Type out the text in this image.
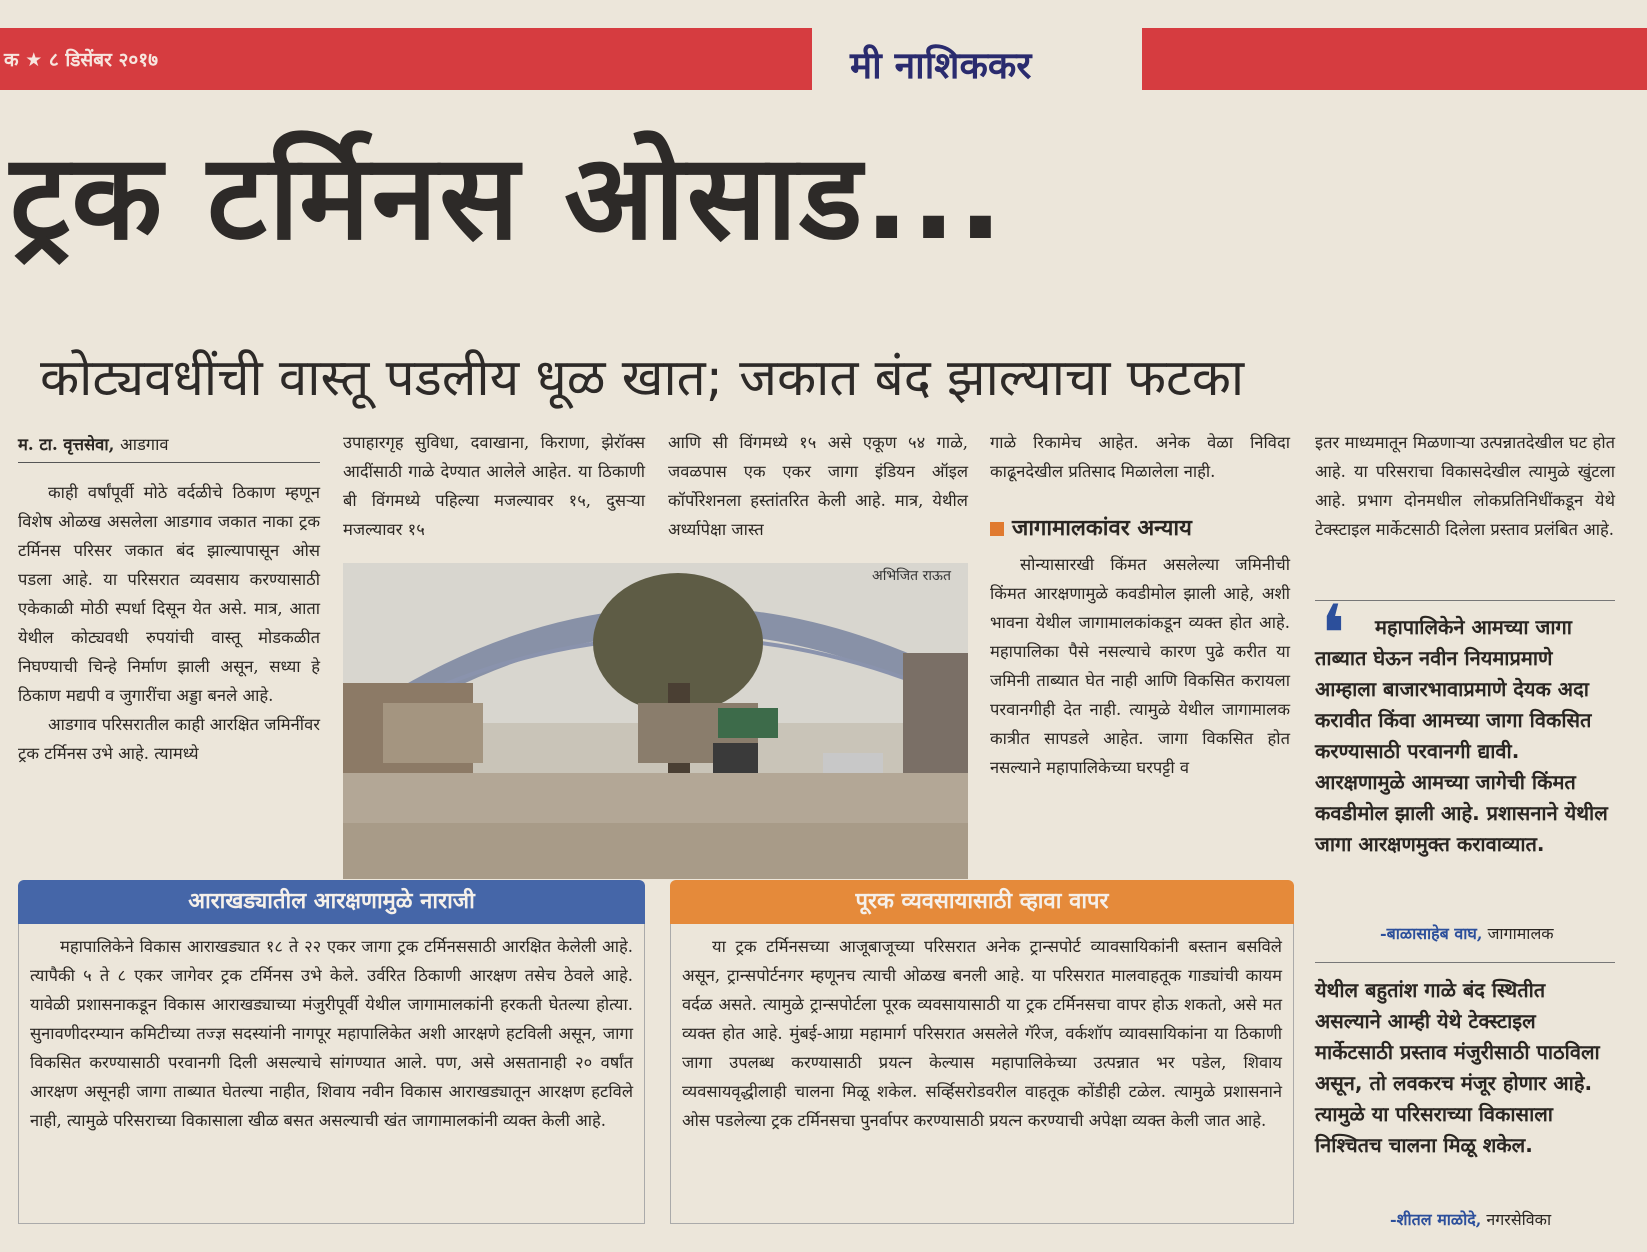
क ★ ८ डिसेंबर २०१७	मी नाशिककर
ट्रक टर्मिनस ओसाड...
कोट्यवधींची वास्तू पडलीय धूळ खात; जकात बंद झाल्याचा फटका
म. टा. वृत्तसेवा, आडगाव

काही वर्षांपूर्वी मोठे वर्दळीचे ठिकाण म्हणून विशेष ओळख असलेला आडगाव जकात नाका ट्रक टर्मिनस परिसर जकात बंद झाल्यापासून ओस पडला आहे. या परिसरात व्यवसाय करण्यासाठी एकेकाळी मोठी स्पर्धा दिसून येत असे. मात्र, आता येथील कोट्यवधी रुपयांची वास्तू मोडकळीत निघण्याची चिन्हे निर्माण झाली असून, सध्या हे ठिकाण मद्यपी व जुगारींचा अड्डा बनले आहे.

आडगाव परिसरातील काही आरक्षित जमिनींवर ट्रक टर्मिनस उभे आहे. त्यामध्ये

उपाहारगृह सुविधा, दवाखाना, किराणा, झेरॉक्स आदींसाठी गाळे देण्यात आलेले आहेत. या ठिकाणी बी विंगमध्ये पहिल्या मजल्यावर १५, दुसऱ्या मजल्यावर १५

आणि सी विंगमध्ये १५ असे एकूण ५४ गाळे, जवळपास एक एकर जागा इंडियन ऑइल कॉर्पोरेशनला हस्तांतरित केली आहे. मात्र, येथील अर्ध्यापेक्षा जास्त

अभिजित राऊत

गाळे रिकामेच आहेत. अनेक वेळा निविदा काढूनदेखील प्रतिसाद मिळालेला नाही.

जागामालकांवर अन्याय

सोन्यासारखी किंमत असलेल्या जमिनीची किंमत आरक्षणामुळे कवडीमोल झाली आहे, अशी भावना येथील जागामालकांकडून व्यक्त होत आहे. महापालिका पैसे नसल्याचे कारण पुढे करीत या जमिनी ताब्यात घेत नाही आणि विकसित करायला परवानगीही देत नाही. त्यामुळे येथील जागामालक कात्रीत सापडले आहेत. जागा विकसित होत नसल्याने महापालिकेच्या घरपट्टी व

इतर माध्यमातून मिळणाऱ्या उत्पन्नातदेखील घट होत आहे. या परिसराचा विकासदेखील त्यामुळे खुंटला आहे. प्रभाग दोनमधील लोकप्रतिनिधींकडून येथे टेक्स्टाइल मार्केटसाठी दिलेला प्रस्ताव प्रलंबित आहे.

❛	महापालिकेने आमच्या जागा ताब्यात घेऊन नवीन नियमाप्रमाणे आम्हाला बाजारभावाप्रमाणे देयक अदा करावीत किंवा आमच्या जागा विकसित करण्यासाठी परवानगी द्यावी. आरक्षणामुळे आमच्या जागेची किंमत कवडीमोल झाली आहे. प्रशासनाने येथील जागा आरक्षणमुक्त करावाव्यात.
-बाळासाहेब वाघ, जागामालक
येथील बहुतांश गाळे बंद स्थितीत असल्याने आम्ही येथे टेक्स्टाइल मार्केटसाठी प्रस्ताव मंजुरीसाठी पाठविला असून, तो लवकरच मंजूर होणार आहे. त्यामुळे या परिसराच्या विकासाला निश्चितच चालना मिळू शकेल.
-शीतल माळोदे, नगरसेविका
आराखड्यातील आरक्षणामुळे नाराजी

महापालिकेने विकास आराखड्यात १८ ते २२ एकर जागा ट्रक टर्मिनससाठी आरक्षित केलेली आहे. त्यापैकी ५ ते ८ एकर जागेवर ट्रक टर्मिनस उभे केले. उर्वरित ठिकाणी आरक्षण तसेच ठेवले आहे. यावेळी प्रशासनाकडून विकास आराखड्याच्या मंजुरीपूर्वी येथील जागामालकांनी हरकती घेतल्या होत्या. सुनावणीदरम्यान कमिटीच्या तज्ज्ञ सदस्यांनी नागपूर महापालिकेत अशी आरक्षणे हटविली असून, जागा विकसित करण्यासाठी परवानगी दिली असल्याचे सांगण्यात आले. पण, असे असतानाही २० वर्षांत आरक्षण असूनही जागा ताब्यात घेतल्या नाहीत, शिवाय नवीन विकास आराखड्यातून आरक्षण हटविले नाही, त्यामुळे परिसराच्या विकासाला खीळ बसत असल्याची खंत जागामालकांनी व्यक्त केली आहे.

पूरक व्यवसायासाठी व्हावा वापर

या ट्रक टर्मिनसच्या आजूबाजूच्या परिसरात अनेक ट्रान्सपोर्ट व्यावसायिकांनी बस्तान बसविले असून, ट्रान्सपोर्टनगर म्हणूनच त्याची ओळख बनली आहे. या परिसरात मालवाहतूक गाड्यांची कायम वर्दळ असते. त्यामुळे ट्रान्सपोर्टला पूरक व्यवसायासाठी या ट्रक टर्मिनसचा वापर होऊ शकतो, असे मत व्यक्त होत आहे. मुंबई-आग्रा महामार्ग परिसरात असलेले गॅरेज, वर्कशॉप व्यावसायिकांना या ठिकाणी जागा उपलब्ध करण्यासाठी प्रयत्न केल्यास महापालिकेच्या उत्पन्नात भर पडेल, शिवाय व्यवसायवृद्धीलाही चालना मिळू शकेल. सर्व्हिसरोडवरील वाहतूक कोंडीही टळेल. त्यामुळे प्रशासनाने ओस पडलेल्या ट्रक टर्मिनसचा पुनर्वापर करण्यासाठी प्रयत्न करण्याची अपेक्षा व्यक्त केली जात आहे.
